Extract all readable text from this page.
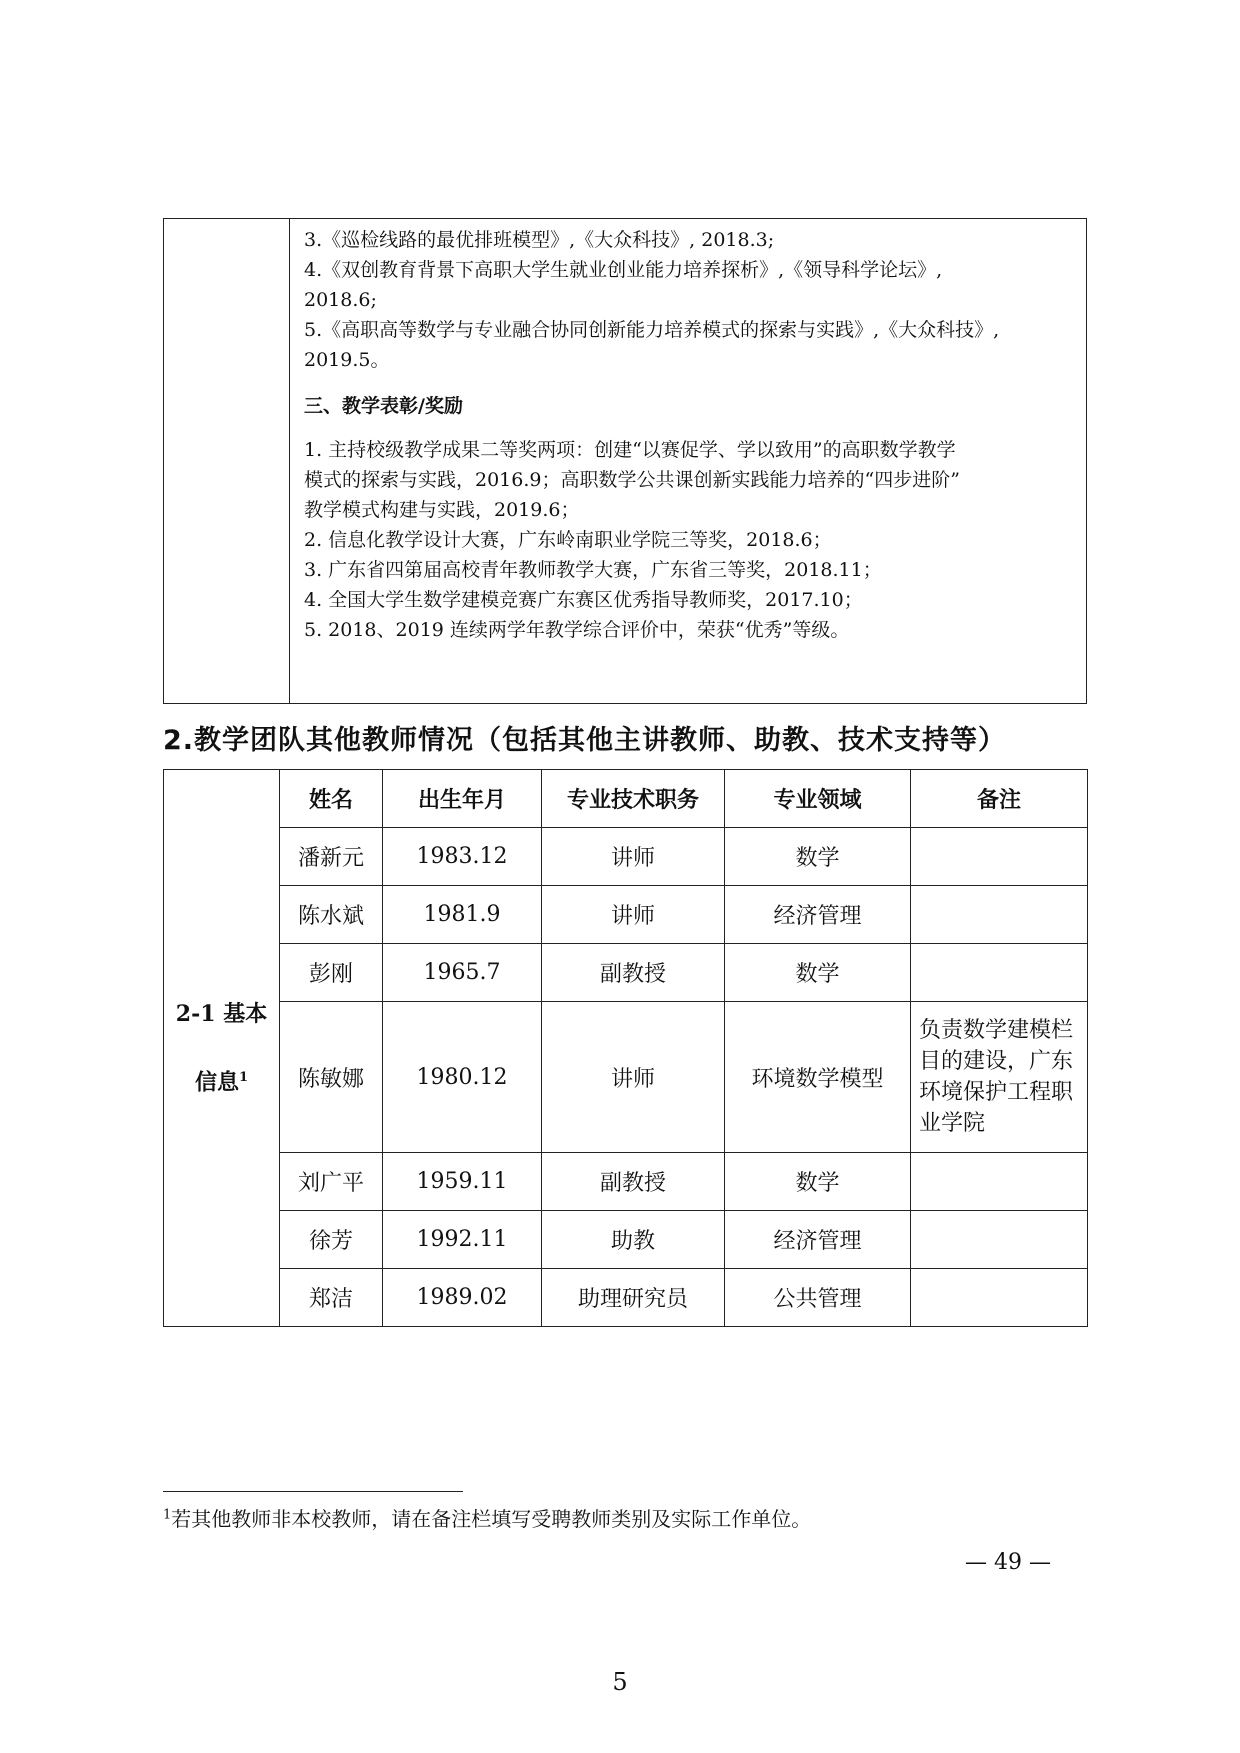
3.《巡检线路的最优排班模型》,《大众科技》, 2018.3;
4.《双创教育背景下高职大学生就业创业能力培养探析》,《领导科学论坛》,
2018.6;
5.《高职高等数学与专业融合协同创新能力培养模式的探索与实践》,《大众科技》,
2019.5。
三、教学表彰/奖励
1. 主持校级教学成果二等奖两项：创建“以赛促学、学以致用”的高职数学教学
模式的探索与实践，2016.9；高职数学公共课创新实践能力培养的“四步进阶”
教学模式构建与实践，2019.6；
2. 信息化教学设计大赛，广东岭南职业学院三等奖，2018.6；
3. 广东省四第届高校青年教师教学大赛，广东省三等奖，2018.11；
4. 全国大学生数学建模竞赛广东赛区优秀指导教师奖，2017.10；
5. 2018、2019 连续两学年教学综合评价中，荣获“优秀”等级。
2.教学团队其他教师情况（包括其他主讲教师、助教、技术支持等）
2-1 基本
信息$^1$	姓名	出生年月	专业技术职务	专业领域	备注
	潘新元	1983.12	讲师	数学	
	陈水斌	1981.9	讲师	经济管理	
	彭刚	1965.7	副教授	数学	
	陈敏娜	1980.12	讲师	环境数学模型	负责数学建模栏目的建设，广东环境保护工程职业学院
	刘广平	1959.11	副教授	数学	
	徐芳	1992.11	助教	经济管理	
	郑洁	1989.02	助理研究员	公共管理	
$^1$若其他教师非本校教师，请在备注栏填写受聘教师类别及实际工作单位。
— 49 —
5
